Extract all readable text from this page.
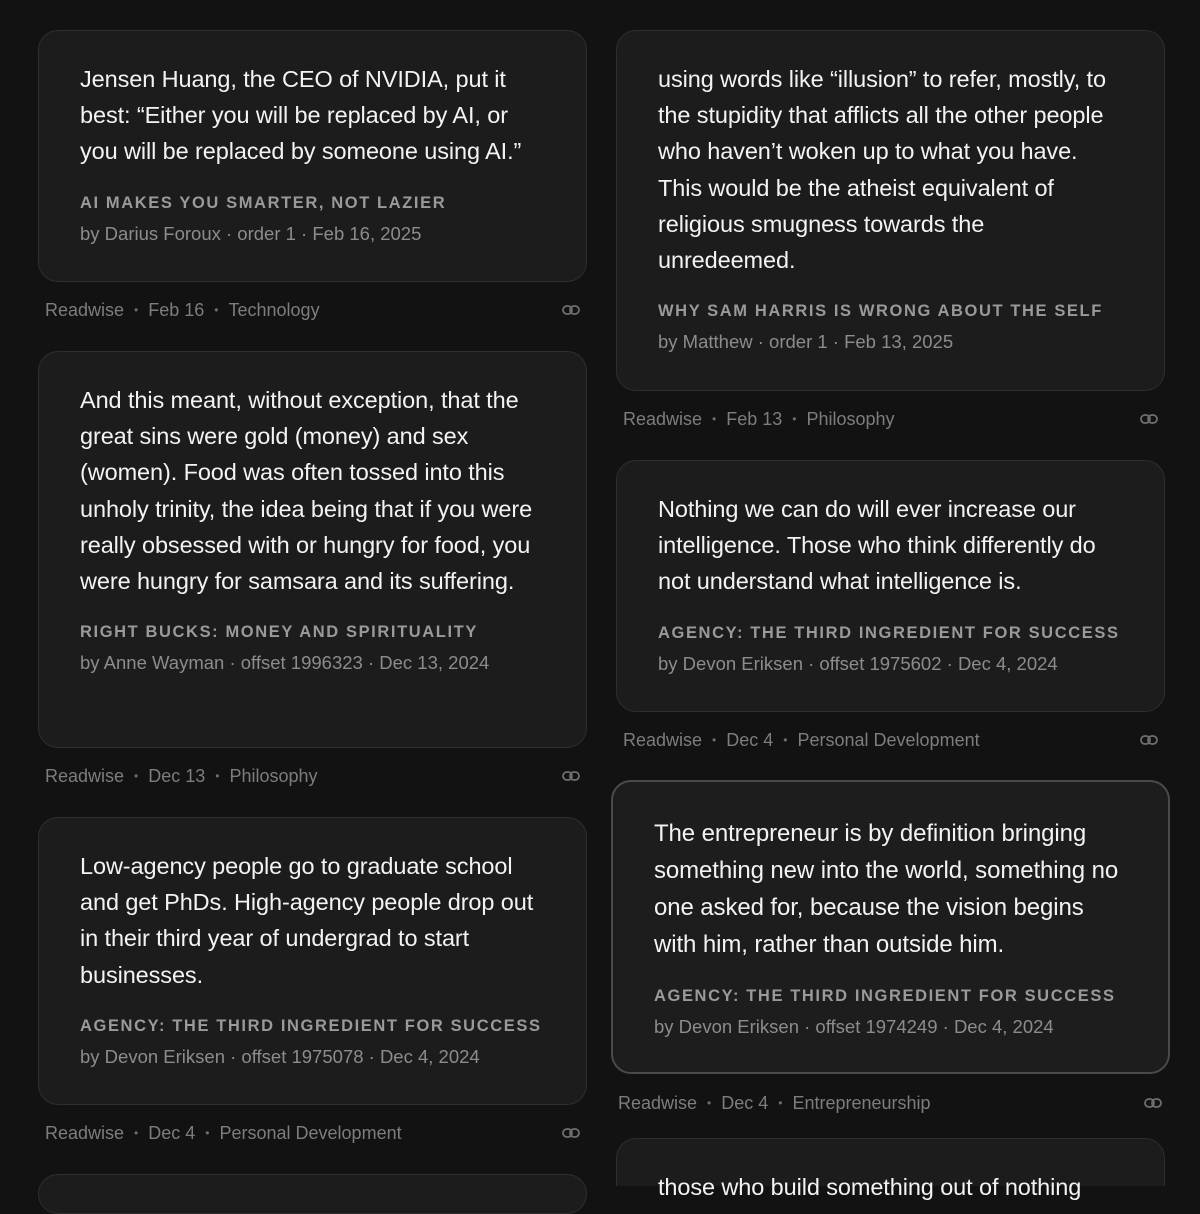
Jensen Huang, the CEO of NVIDIA, put it best: “Either you will be replaced by AI, or you will be replaced by someone using AI.”

AI MAKES YOU SMARTER, NOT LAZIER
by Darius Foroux · order 1 · Feb 16, 2025
Readwise • Feb 16 • Technology

And this meant, without exception, that the great sins were gold (money) and sex (women). Food was often tossed into this unholy trinity, the idea being that if you were really obsessed with or hungry for food, you were hungry for samsara and its suffering.

RIGHT BUCKS: MONEY AND SPIRITUALITY
by Anne Wayman · offset 1996323 · Dec 13, 2024
Readwise • Dec 13 • Philosophy

Low-agency people go to graduate school and get PhDs. High-agency people drop out in their third year of undergrad to start businesses.

AGENCY: THE THIRD INGREDIENT FOR SUCCESS
by Devon Eriksen · offset 1975078 · Dec 4, 2024
Readwise • Dec 4 • Personal Development

using words like “illusion” to refer, mostly, to the stupidity that afflicts all the other people who haven’t woken up to what you have. This would be the atheist equivalent of religious smugness towards the unredeemed.

WHY SAM HARRIS IS WRONG ABOUT THE SELF
by Matthew · order 1 · Feb 13, 2025
Readwise • Feb 13 • Philosophy

Nothing we can do will ever increase our intelligence. Those who think differently do not understand what intelligence is.

AGENCY: THE THIRD INGREDIENT FOR SUCCESS
by Devon Eriksen · offset 1975602 · Dec 4, 2024
Readwise • Dec 4 • Personal Development

The entrepreneur is by definition bringing something new into the world, something no one asked for, because the vision begins with him, rather than outside him.

AGENCY: THE THIRD INGREDIENT FOR SUCCESS
by Devon Eriksen · offset 1974249 · Dec 4, 2024
Readwise • Dec 4 • Entrepreneurship

those who build something out of nothing
